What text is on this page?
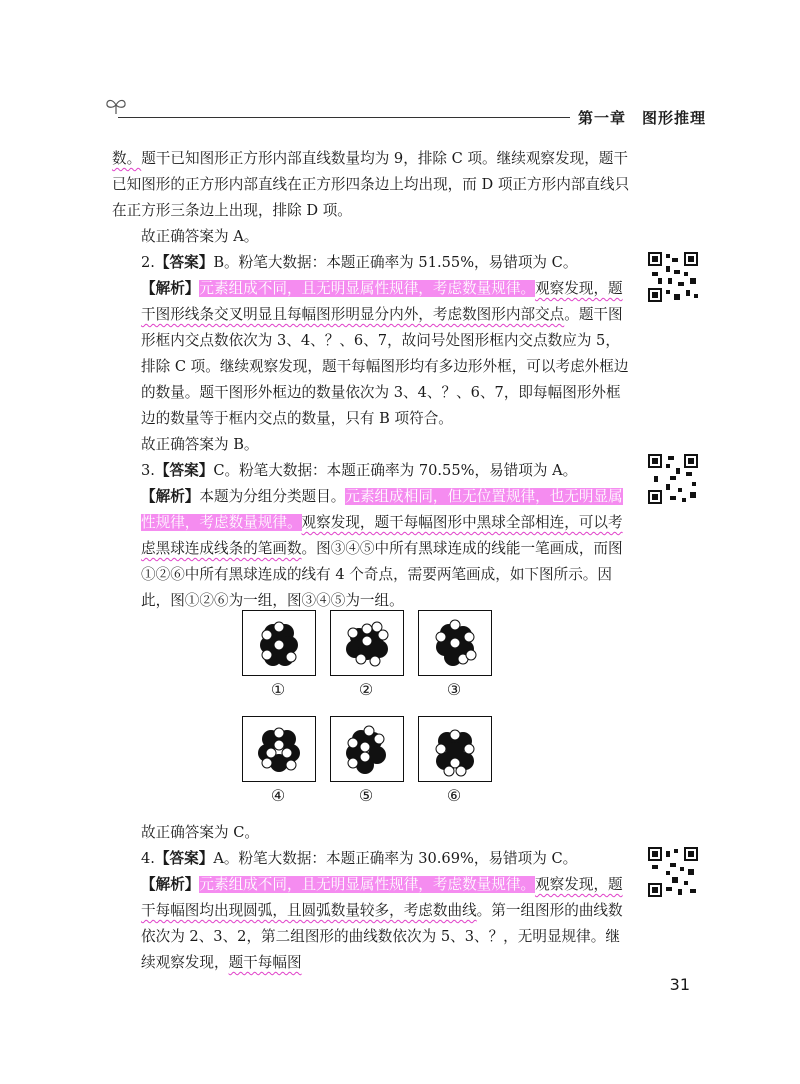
第一章 图形推理

数。题干已知图形正方形内部直线数量均为 9，排除 C 项。继续观察发现，题干已知图形的正方形内部直线在正方形四条边上均出现，而 D 项正方形内部直线只在正方形三条边上出现，排除 D 项。

故正确答案为 A。

2.【答案】B。粉笔大数据：本题正确率为 51.55%，易错项为 C。

【解析】元素组成不同，且无明显属性规律，考虑数量规律。观察发现，题干图形线条交叉明显且每幅图形明显分内外，考虑数图形内部交点。题干图形框内交点数依次为 3、4、？、6、7，故问号处图形框内交点数应为 5，排除 C 项。继续观察发现，题干每幅图形均有多边形外框，可以考虑外框边的数量。题干图形外框边的数量依次为 3、4、？、6、7，即每幅图形外框边的数量等于框内交点的数量，只有 B 项符合。

故正确答案为 B。

3.【答案】C。粉笔大数据：本题正确率为 70.55%，易错项为 A。

【解析】本题为分组分类题目。元素组成相同，但无位置规律，也无明显属性规律，考虑数量规律。观察发现，题干每幅图形中黑球全部相连，可以考虑黑球连成线条的笔画数。图③④⑤中所有黑球连成的线能一笔画成，而图①②⑥中所有黑球连成的线有 4 个奇点，需要两笔画成，如下图所示。因此，图①②⑥为一组，图③④⑤为一组。

①	②	③
④	⑤	⑥

故正确答案为 C。

4.【答案】A。粉笔大数据：本题正确率为 30.69%，易错项为 C。

【解析】元素组成不同，且无明显属性规律，考虑数量规律。观察发现，题干每幅图均出现圆弧，且圆弧数量较多，考虑数曲线。第一组图形的曲线数依次为 2、3、2，第二组图形的曲线数依次为 5、3、？，无明显规律。继续观察发现，题干每幅图

31
